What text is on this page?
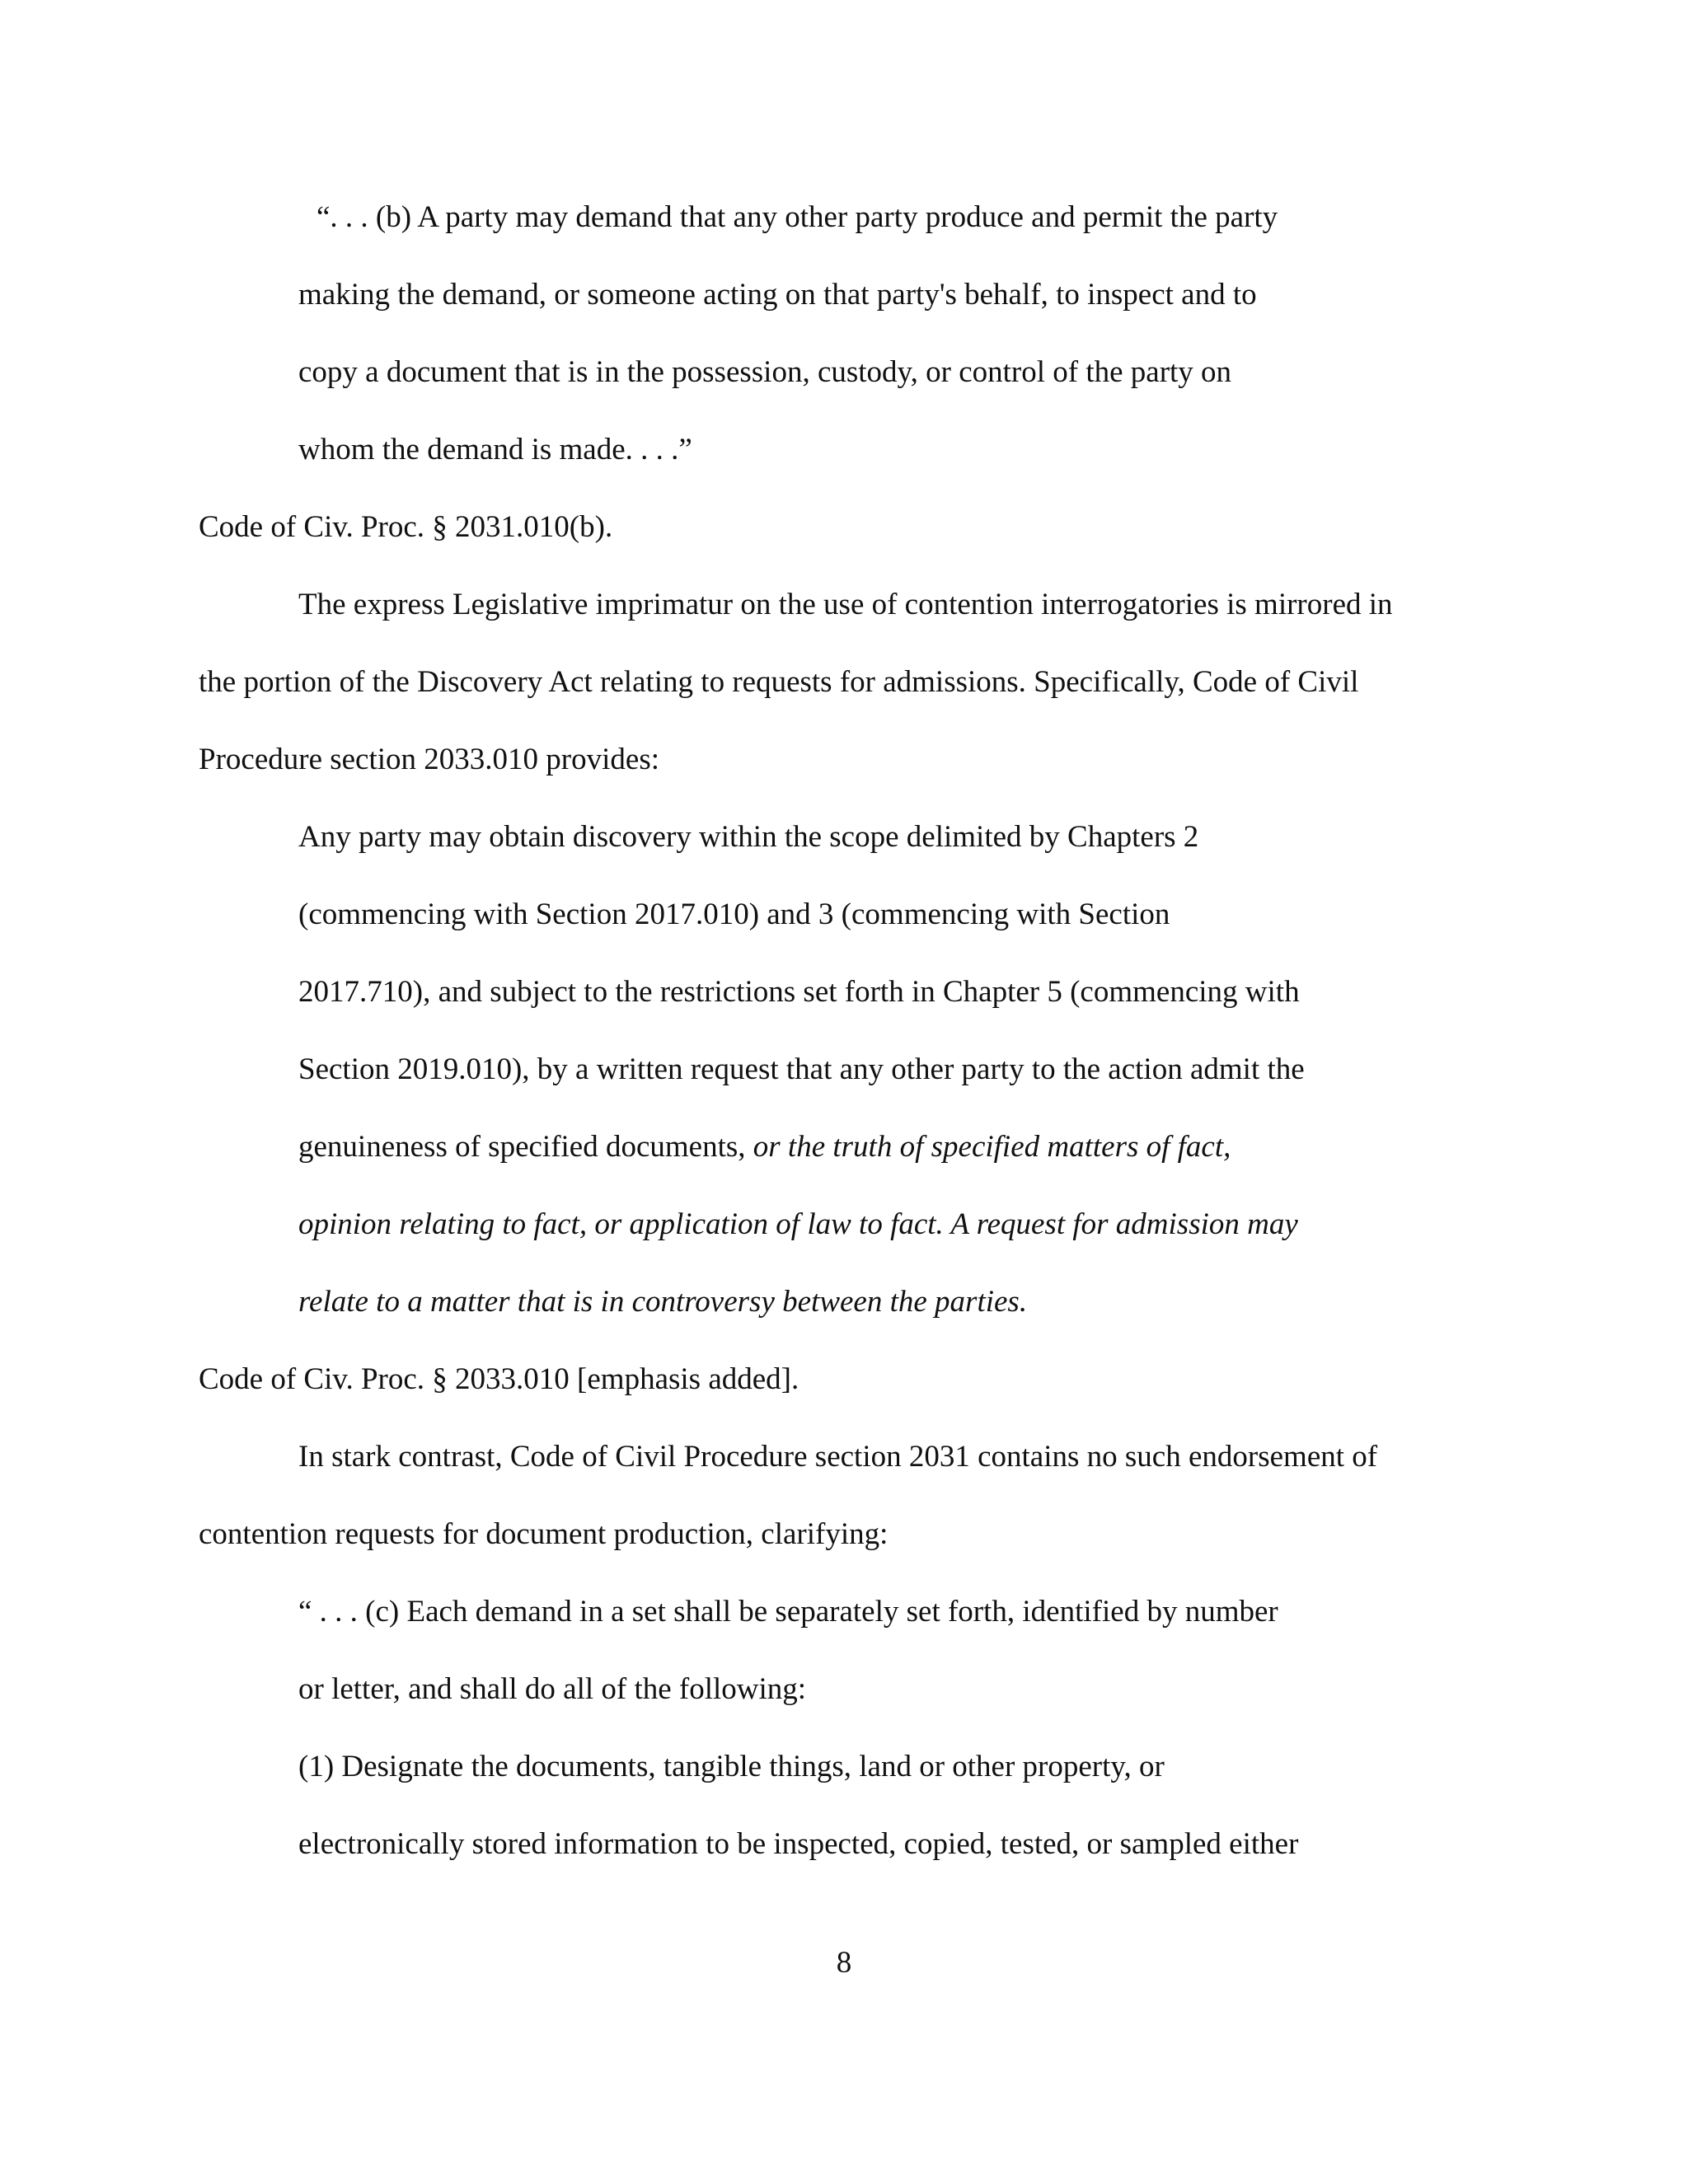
“. . . (b) A party may demand that any other party produce and permit the party

making the demand, or someone acting on that party's behalf, to inspect and to

copy a document that is in the possession, custody, or control of the party on

whom the demand is made. . . .”

Code of Civ. Proc. § 2031.010(b).

The express Legislative imprimatur on the use of contention interrogatories is mirrored in

the portion of the Discovery Act relating to requests for admissions. Specifically, Code of Civil

Procedure section 2033.010 provides:

Any party may obtain discovery within the scope delimited by Chapters 2

(commencing with Section 2017.010) and 3 (commencing with Section

2017.710), and subject to the restrictions set forth in Chapter 5 (commencing with

Section 2019.010), by a written request that any other party to the action admit the

genuineness of specified documents, or the truth of specified matters of fact,

opinion relating to fact, or application of law to fact. A request for admission may

relate to a matter that is in controversy between the parties.

Code of Civ. Proc. § 2033.010 [emphasis added].

In stark contrast, Code of Civil Procedure section 2031 contains no such endorsement of

contention requests for document production, clarifying:

“ . . . (c) Each demand in a set shall be separately set forth, identified by number

or letter, and shall do all of the following:

(1) Designate the documents, tangible things, land or other property, or

electronically stored information to be inspected, copied, tested, or sampled either

8
